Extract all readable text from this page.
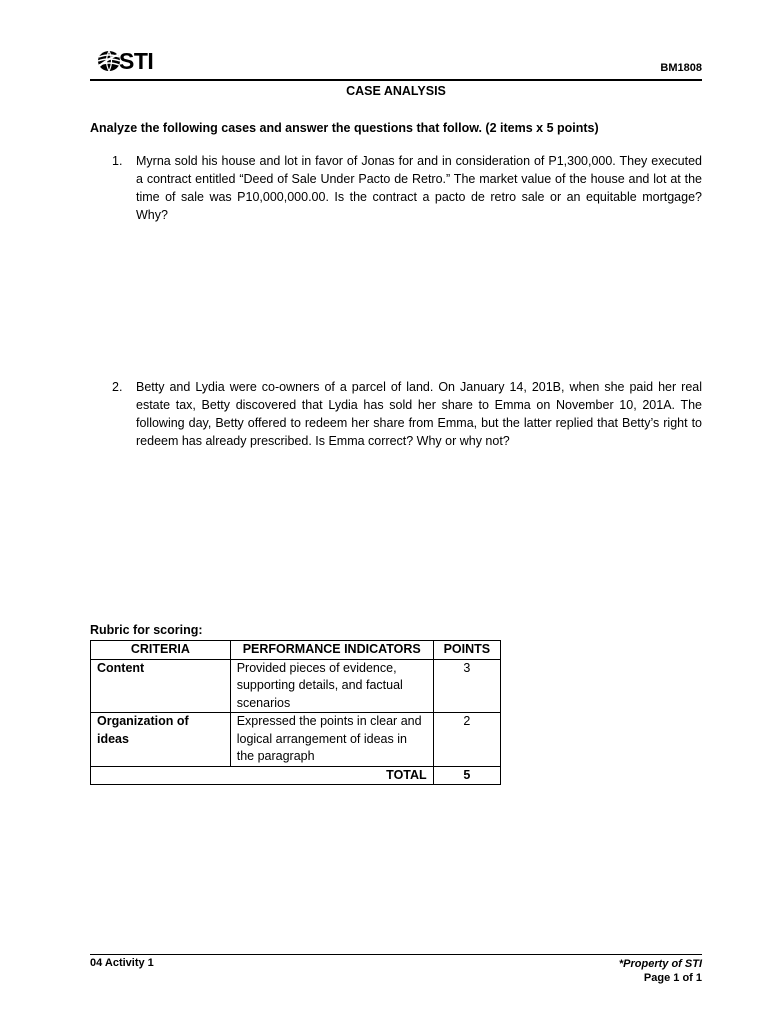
STI	BM1808
CASE ANALYSIS
Analyze the following cases and answer the questions that follow. (2 items x 5 points)
1. Myrna sold his house and lot in favor of Jonas for and in consideration of P1,300,000. They executed a contract entitled “Deed of Sale Under Pacto de Retro.” The market value of the house and lot at the time of sale was P10,000,000.00. Is the contract a pacto de retro sale or an equitable mortgage? Why?
2. Betty and Lydia were co-owners of a parcel of land. On January 14, 201B, when she paid her real estate tax, Betty discovered that Lydia has sold her share to Emma on November 10, 201A. The following day, Betty offered to redeem her share from Emma, but the latter replied that Betty’s right to redeem has already prescribed. Is Emma correct? Why or why not?
Rubric for scoring:
CRITERIA	PERFORMANCE INDICATORS	POINTS
Content	Provided pieces of evidence, supporting details, and factual scenarios	3
Organization of ideas	Expressed the points in clear and logical arrangement of ideas in the paragraph	2
TOTAL		5
04 Activity 1	*Property of STI
Page 1 of 1
